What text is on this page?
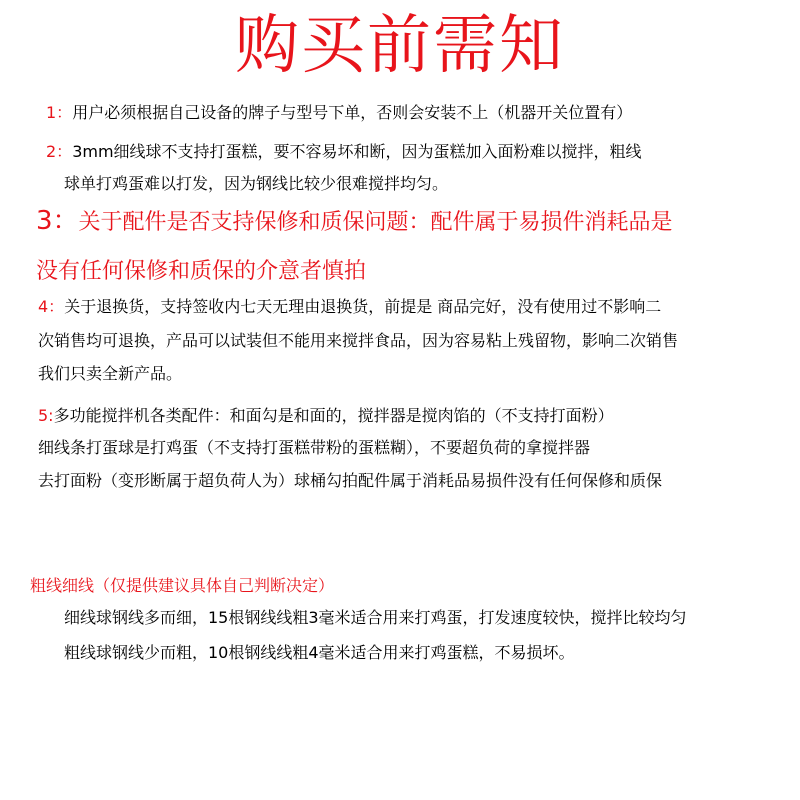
购买前需知
1：用户必须根据自己设备的牌子与型号下单，否则会安装不上（机器开关位置有）
2：3mm细线球不支持打蛋糕，要不容易坏和断，因为蛋糕加入面粉难以搅拌，粗线
球单打鸡蛋难以打发，因为钢线比较少很难搅拌均匀。
3：关于配件是否支持保修和质保问题：配件属于易损件消耗品是
没有任何保修和质保的介意者慎拍
4：关于退换货，支持签收内七天无理由退换货，前提是 商品完好，没有使用过不影响二
次销售均可退换，产品可以试装但不能用来搅拌食品，因为容易粘上残留物，影响二次销售
我们只卖全新产品。
5:多功能搅拌机各类配件：和面勾是和面的，搅拌器是搅肉馅的（不支持打面粉）
细线条打蛋球是打鸡蛋（不支持打蛋糕带粉的蛋糕糊），不要超负荷的拿搅拌器
去打面粉（变形断属于超负荷人为）球桶勾拍配件属于消耗品易损件没有任何保修和质保
粗线细线（仅提供建议具体自己判断决定）
细线球钢线多而细，15根钢线线粗3毫米适合用来打鸡蛋，打发速度较快，搅拌比较均匀
粗线球钢线少而粗，10根钢线线粗4毫米适合用来打鸡蛋糕，不易损坏。
